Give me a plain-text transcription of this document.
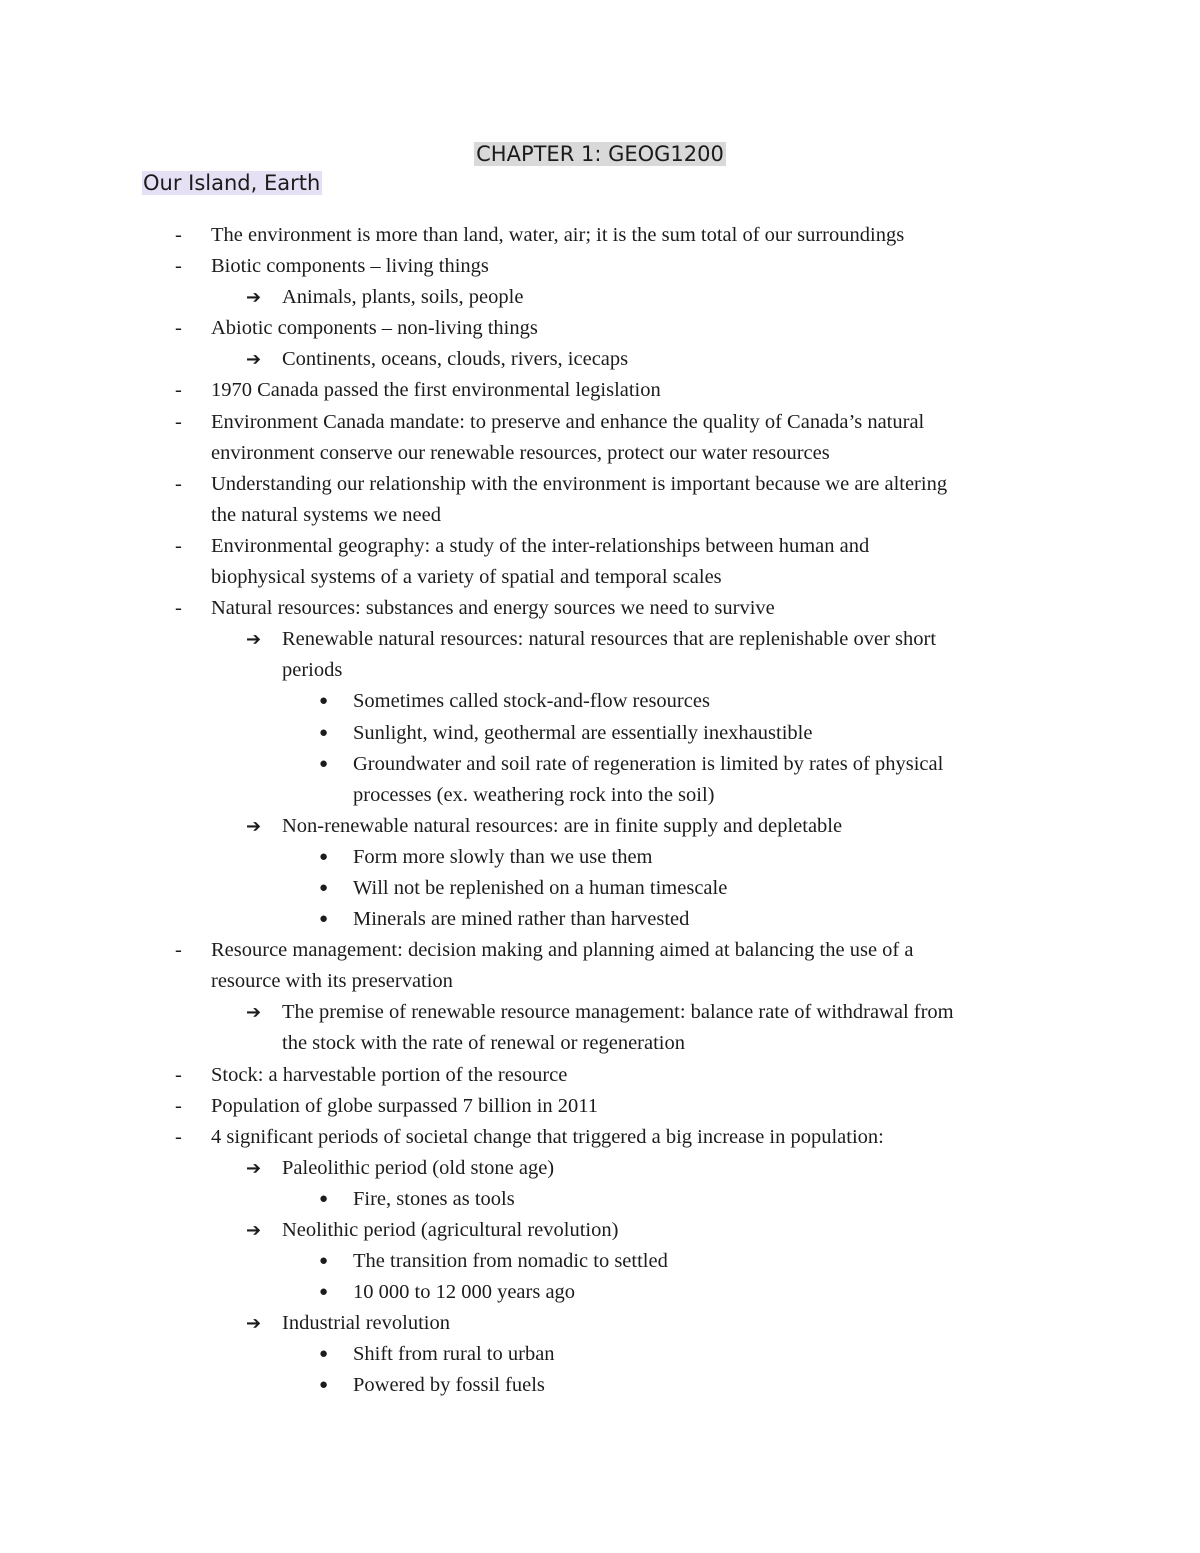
CHAPTER 1: GEOG1200
Our Island, Earth
- The environment is more than land, water, air; it is the sum total of our surroundings
- Biotic components – living things
➔ Animals, plants, soils, people
- Abiotic components – non-living things
➔ Continents, oceans, clouds, rivers, icecaps
- 1970 Canada passed the first environmental legislation
- Environment Canada mandate: to preserve and enhance the quality of Canada’s natural
environment conserve our renewable resources, protect our water resources
- Understanding our relationship with the environment is important because we are altering
the natural systems we need
- Environmental geography: a study of the inter-relationships between human and
biophysical systems of a variety of spatial and temporal scales
- Natural resources: substances and energy sources we need to survive
➔ Renewable natural resources: natural resources that are replenishable over short
periods
● Sometimes called stock-and-flow resources
● Sunlight, wind, geothermal are essentially inexhaustible
● Groundwater and soil rate of regeneration is limited by rates of physical
processes (ex. weathering rock into the soil)
➔ Non-renewable natural resources: are in finite supply and depletable
● Form more slowly than we use them
● Will not be replenished on a human timescale
● Minerals are mined rather than harvested
- Resource management: decision making and planning aimed at balancing the use of a
resource with its preservation
➔ The premise of renewable resource management: balance rate of withdrawal from
the stock with the rate of renewal or regeneration
- Stock: a harvestable portion of the resource
- Population of globe surpassed 7 billion in 2011
- 4 significant periods of societal change that triggered a big increase in population:
➔ Paleolithic period (old stone age)
● Fire, stones as tools
➔ Neolithic period (agricultural revolution)
● The transition from nomadic to settled
● 10 000 to 12 000 years ago
➔ Industrial revolution
● Shift from rural to urban
● Powered by fossil fuels
